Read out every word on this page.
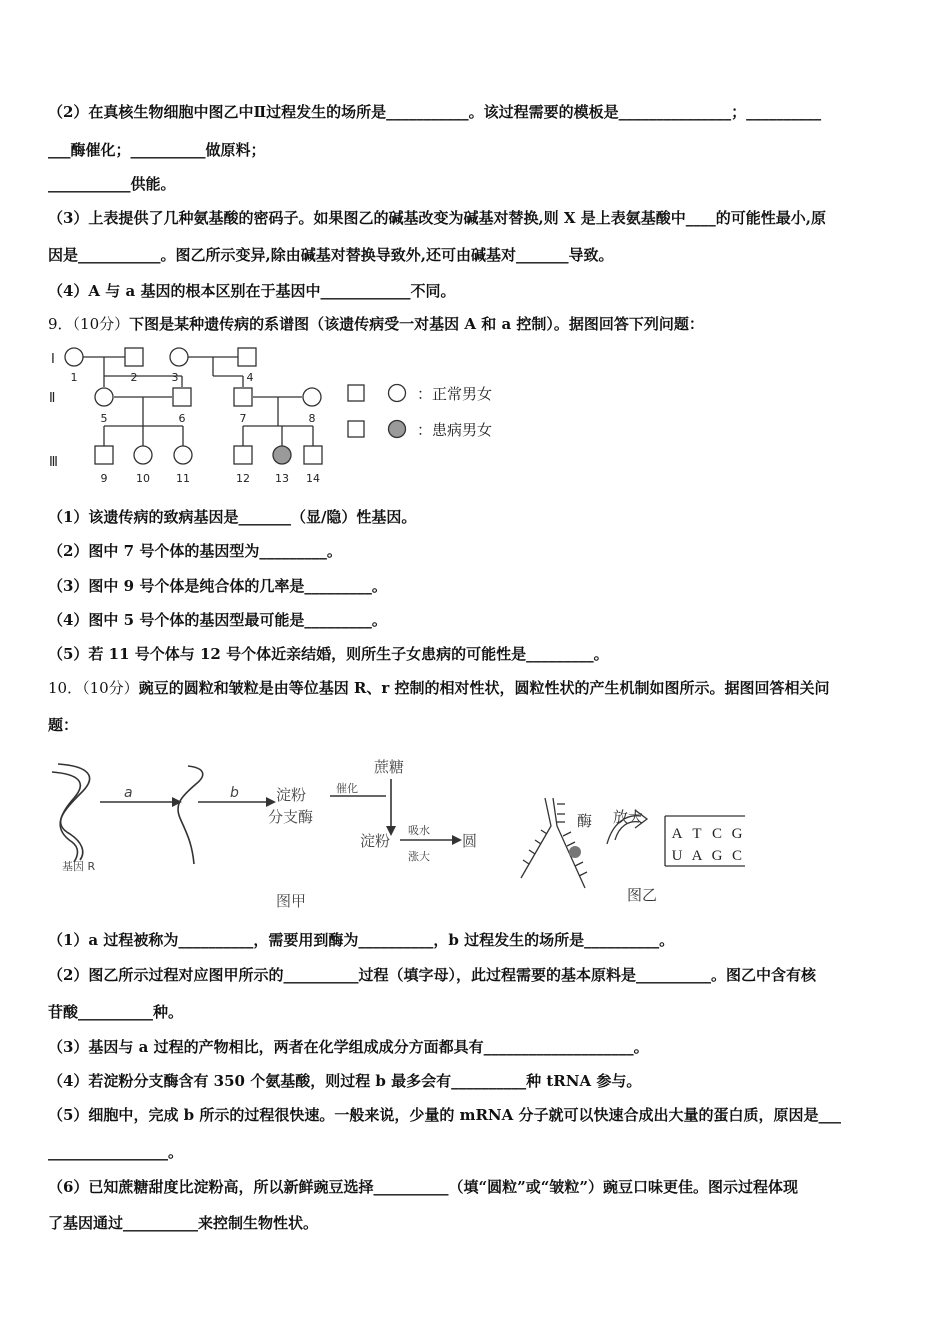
（2）在真核生物细胞中图乙中Ⅱ过程发生的场所是___________。该过程需要的模板是_______________；__________
___酶催化；__________做原料；
___________供能。
（3）上表提供了几种氨基酸的密码子。如果图乙的碱基改变为碱基对替换,则 X 是上表氨基酸中____的可能性最小,原
因是___________。图乙所示变异,除由碱基对替换导致外,还可由碱基对_______导致。
（4）A 与 a 基因的根本区别在于基因中____________不同。
9．（10分）下图是某种遗传病的系谱图（该遗传病受一对基因 A 和 a 控制）。据图回答下列问题：
Ⅰ
Ⅱ
Ⅲ
1	2	3	4
5	6	7	8
9	10 11	12 13 14
：正常男女
：患病男女
（1）该遗传病的致病基因是_______（显/隐）性基因。
（2）图中 7 号个体的基因型为_________。
（3）图中 9 号个体是纯合体的几率是_________。
（4）图中 5 号个体的基因型最可能是_________。
（5）若 11 号个体与 12 号个体近亲结婚，则所生子女患病的可能性是_________。
10．（10分）豌豆的圆粒和皱粒是由等位基因 R、r 控制的相对性状，圆粒性状的产生机制如图所示。据图回答相关问
题：
a	b 淀粉
分支酶
蔗糖
催化
淀粉
吸水
涨大
圆
基因 R
图甲
酶 放大
图乙
A T C G
U A G C
（1）a 过程被称为__________，需要用到酶为__________，b 过程发生的场所是__________。
（2）图乙所示过程对应图甲所示的__________过程（填字母），此过程需要的基本原料是__________。图乙中含有核
苷酸__________种。
（3）基因与 a 过程的产物相比，两者在化学组成成分方面都具有____________________。
（4）若淀粉分支酶含有 350 个氨基酸，则过程 b 最多会有__________种 tRNA 参与。
（5）细胞中，完成 b 所示的过程很快速。一般来说，少量的 mRNA 分子就可以快速合成出大量的蛋白质，原因是___
________________。
（6）已知蔗糖甜度比淀粉高，所以新鲜豌豆选择__________（填“圆粒”或“皱粒”）豌豆口味更佳。图示过程体现
了基因通过__________来控制生物性状。
